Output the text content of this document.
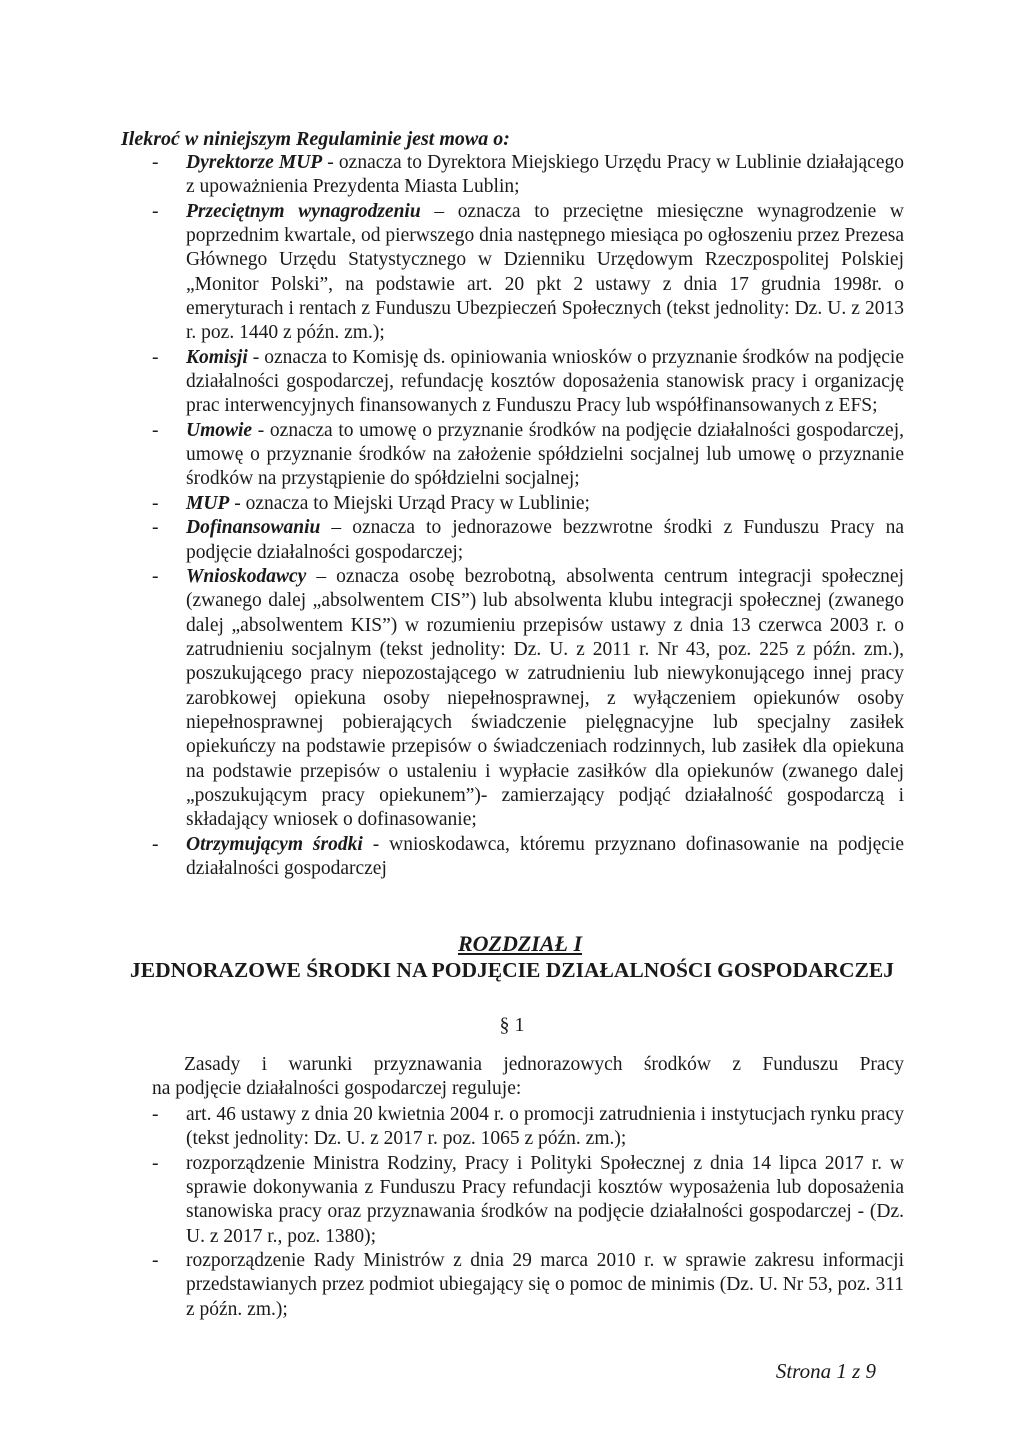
Ilekroć w niniejszym Regulaminie jest mowa o:

- Dyrektorze MUP - oznacza to Dyrektora Miejskiego Urzędu Pracy w Lublinie działającego z upoważnienia Prezydenta Miasta Lublin;
- Przeciętnym wynagrodzeniu – oznacza to przeciętne miesięczne wynagrodzenie w poprzednim kwartale, od pierwszego dnia następnego miesiąca po ogłoszeniu przez Prezesa Głównego Urzędu Statystycznego w Dzienniku Urzędowym Rzeczpospolitej Polskiej „Monitor Polski”, na podstawie art. 20 pkt 2 ustawy z dnia 17 grudnia 1998r. o emeryturach i rentach z Funduszu Ubezpieczeń Społecznych (tekst jednolity: Dz. U. z 2013 r. poz. 1440 z późn. zm.);
- Komisji - oznacza to Komisję ds. opiniowania wniosków o przyznanie środków na podjęcie działalności gospodarczej, refundację kosztów doposażenia stanowisk pracy i organizację prac interwencyjnych finansowanych z Funduszu Pracy lub współfinansowanych z EFS;
- Umowie - oznacza to umowę o przyznanie środków na podjęcie działalności gospodarczej, umowę o przyznanie środków na założenie spółdzielni socjalnej lub umowę o przyznanie środków na przystąpienie do spółdzielni socjalnej;
- MUP - oznacza to Miejski Urząd Pracy w Lublinie;
- Dofinansowaniu – oznacza to jednorazowe bezzwrotne środki z Funduszu Pracy na podjęcie działalności gospodarczej;
- Wnioskodawcy – oznacza osobę bezrobotną, absolwenta centrum integracji społecznej (zwanego dalej „absolwentem CIS”) lub absolwenta klubu integracji społecznej (zwanego dalej „absolwentem KIS”) w rozumieniu przepisów ustawy z dnia 13 czerwca 2003 r. o zatrudnieniu socjalnym (tekst jednolity: Dz. U. z 2011 r. Nr 43, poz. 225 z późn. zm.), poszukującego pracy niepozostającego w zatrudnieniu lub niewykonującego innej pracy zarobkowej opiekuna osoby niepełnosprawnej, z wyłączeniem opiekunów osoby niepełnosprawnej pobierających świadczenie pielęgnacyjne lub specjalny zasiłek opiekuńczy na podstawie przepisów o świadczeniach rodzinnych, lub zasiłek dla opiekuna na podstawie przepisów o ustaleniu i wypłacie zasiłków dla opiekunów (zwanego dalej „poszukującym pracy opiekunem”)- zamierzający podjąć działalność gospodarczą i składający wniosek o dofinasowanie;
- Otrzymującym środki - wnioskodawca, któremu przyznano dofinasowanie na podjęcie działalności gospodarczej

ROZDZIAŁ I

JEDNORAZOWE ŚRODKI NA PODJĘCIE DZIAŁALNOŚCI GOSPODARCZEJ

§ 1

Zasady i warunki przyznawania jednorazowych środków z Funduszu Pracy
na podjęcie działalności gospodarczej reguluje:

- art. 46 ustawy z dnia 20 kwietnia 2004 r. o promocji zatrudnienia i instytucjach rynku pracy (tekst jednolity: Dz. U. z 2017 r. poz. 1065 z późn. zm.);
- rozporządzenie Ministra Rodziny, Pracy i Polityki Społecznej z dnia 14 lipca 2017 r. w sprawie dokonywania z Funduszu Pracy refundacji kosztów wyposażenia lub doposażenia stanowiska pracy oraz przyznawania środków na podjęcie działalności gospodarczej - (Dz. U. z 2017 r., poz. 1380);
- rozporządzenie Rady Ministrów z dnia 29 marca 2010 r. w sprawie zakresu informacji przedstawianych przez podmiot ubiegający się o pomoc de minimis (Dz. U. Nr 53, poz. 311 z późn. zm.);

Strona 1 z 9
